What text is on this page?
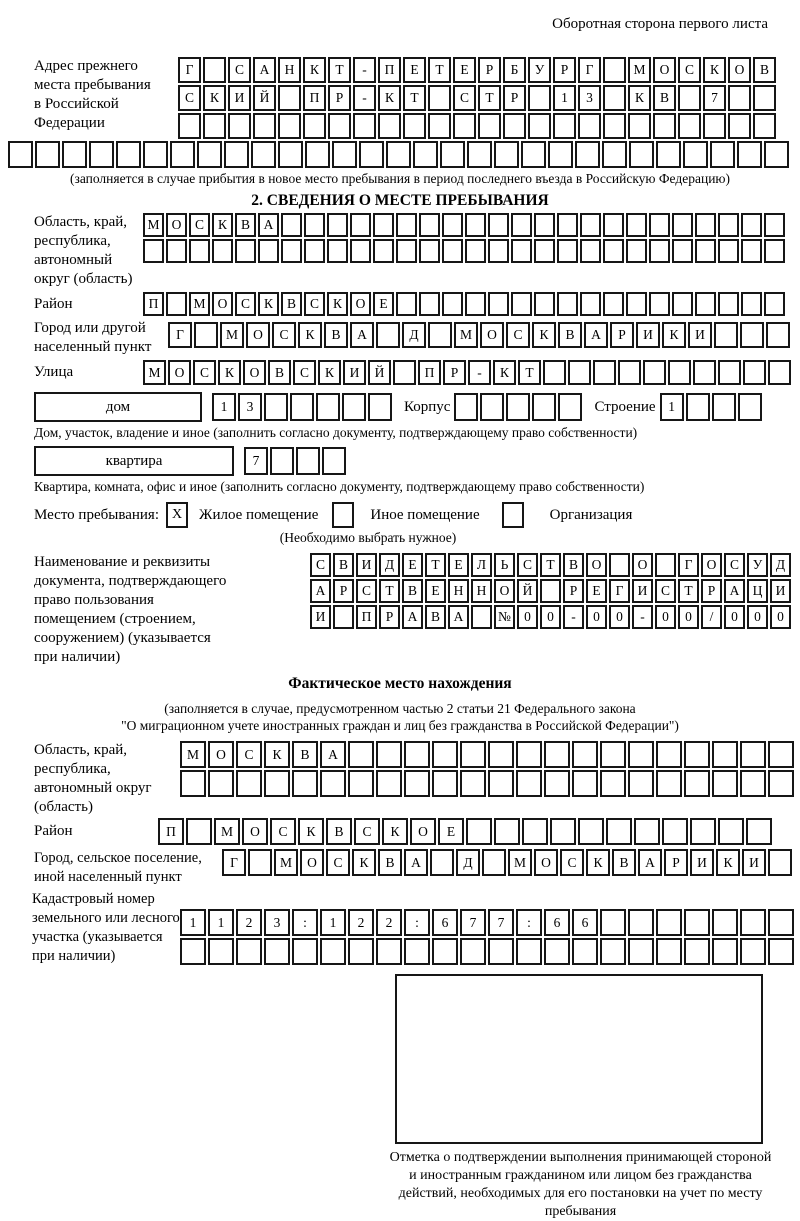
Оборотная сторона первого листа
Адрес прежнего
места пребывания
в Российской
Федерации
Г	С	А	Н	К	Т	-	П	Е	Т	Е	Р	Б	У	Р	Г	М	О	С	К	О	В
С	К	И	Й	П	Р	-	К	Т	С	Т	Р	1	3	К	В	7
(заполняется в случае прибытия в новое место пребывания в период последнего въезда в Российскую Федерацию)
2. СВЕДЕНИЯ О МЕСТЕ ПРЕБЫВАНИЯ
Область, край,
республика,
автономный
округ (область)
М О	С	К	В	А
Район	П	М О	С	К	В	С	К	О	Е
Город или другой
населенный пункт
Г	М	О	С	К	В	А	Д	М	О	С	К	В	А	Р	И	К	И
Улица	М	О	С	К	О	В	С	К	И	Й	П	Р	-	К	Т
дом	1	3	Корпус	Строение 1
Дом, участок, владение и иное (заполнить согласно документу, подтверждающему право собственности)
квартира	7
Квартира, комната, офис и иное (заполнить согласно документу, подтверждающему право собственности)
Место пребывания: X	Жилое помещение	Иное помещение	Организация
(Необходимо выбрать нужное)
Наименование и реквизиты
документа, подтверждающего
право пользования
помещением (строением,
сооружением) (указывается
при наличии)
С	В	И	Д	Е	Т	Е	Л	Ь	С	Т	В	О	О	Г	О	С	У	Д
А	Р	С	Т	В	Е	Н Н О Й	Р	Е	Г	И	С	Т	Р	А Ц И
И	П	Р	А	В	А	№ 0	0	-	0	0	-	0	0	/	0	0	0
Фактическое место нахождения
(заполняется в случае, предусмотренном частью 2 статьи 21 Федерального закона
"О миграционном учете иностранных граждан и лиц без гражданства в Российской Федерации")
Область, край,
республика,
автономный округ
(область)
М	О	С	К	В	А
Район	П	М	О	С	К	В	С	К	О	Е
Город, сельское поселение,
иной населенный пункт
Г	М	О	С	К	В	А	Д	М	О	С	К	В	А	Р	И	К	И
Кадастровый номер
земельного или лесного
участка (указывается
при наличии)
1	1	2	3	:	1	2	2	:	6	7	7	:	6	6
Отметка о подтверждении выполнения принимающей стороной и иностранным гражданином или лицом без гражданства действий, необходимых для его постановки на учет по месту пребывания
